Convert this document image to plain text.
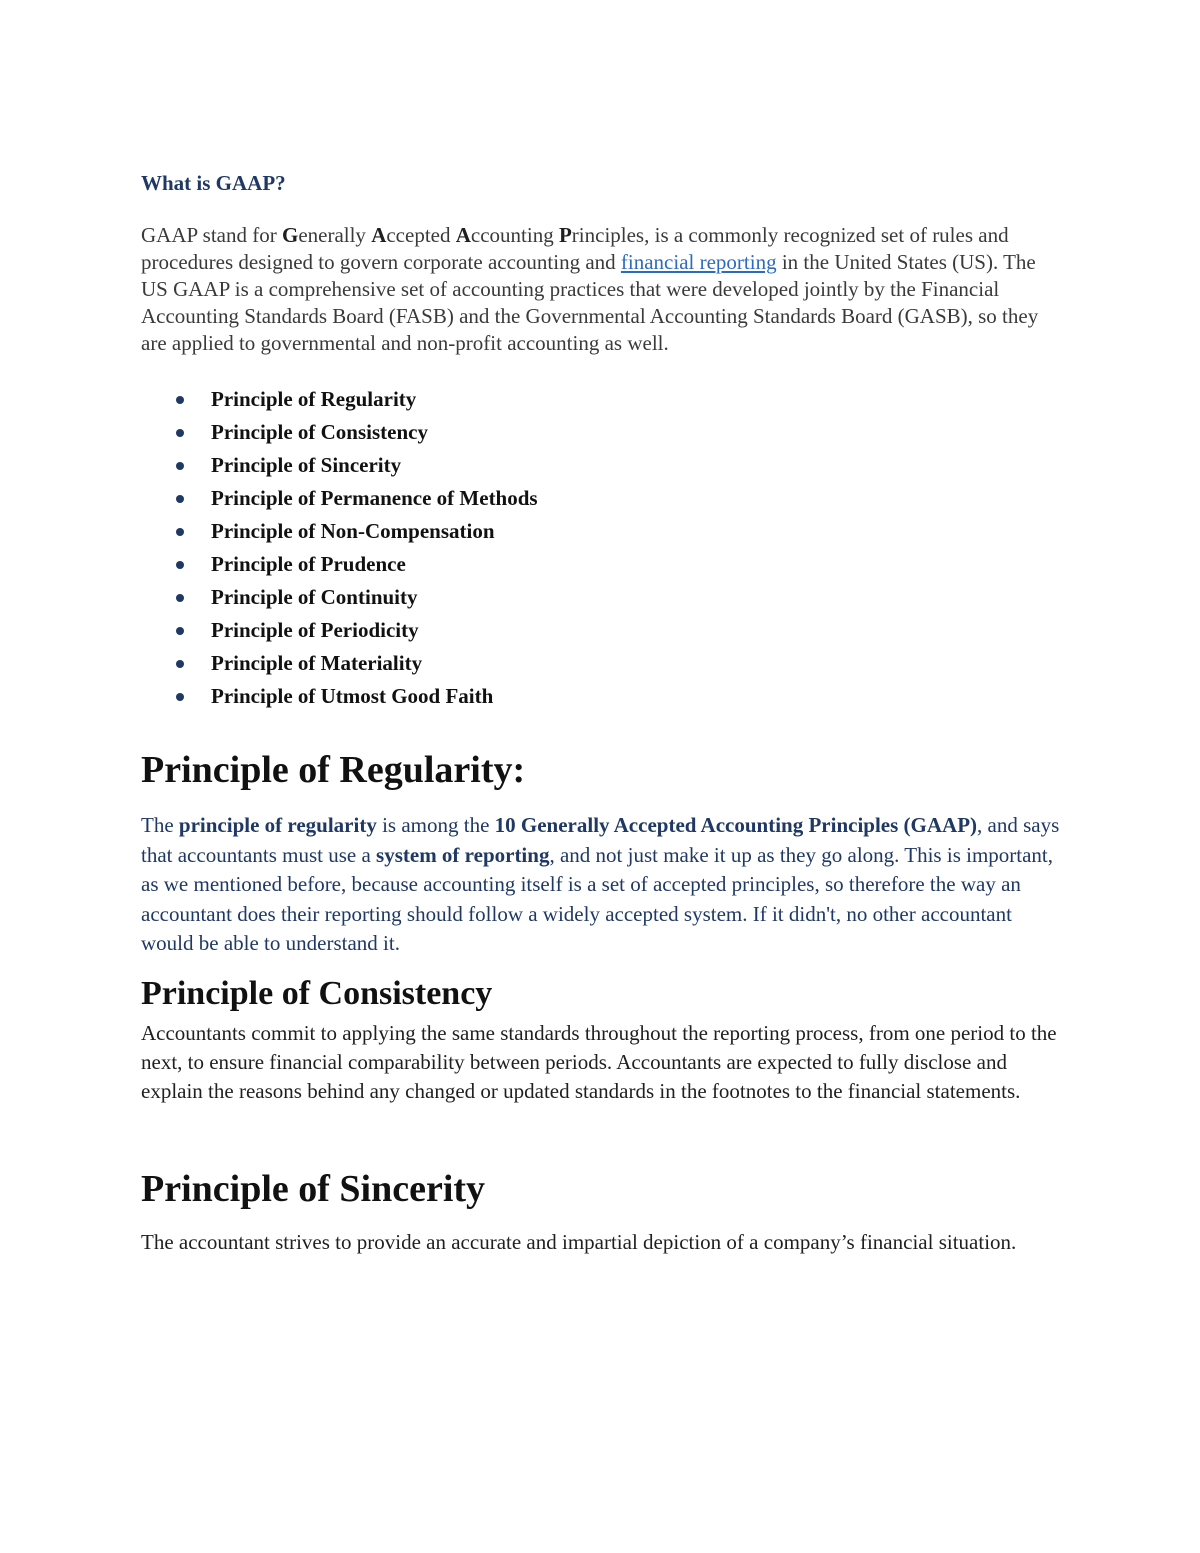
What is GAAP?

GAAP stand for Generally Accepted Accounting Principles, is a commonly recognized set of rules and procedures designed to govern corporate accounting and financial reporting in the United States (US). The US GAAP is a comprehensive set of accounting practices that were developed jointly by the Financial Accounting Standards Board (FASB) and the Governmental Accounting Standards Board (GASB), so they are applied to governmental and non-profit accounting as well.

Principle of Regularity
Principle of Consistency
Principle of Sincerity
Principle of Permanence of Methods
Principle of Non-Compensation
Principle of Prudence
Principle of Continuity
Principle of Periodicity
Principle of Materiality
Principle of Utmost Good Faith
Principle of Regularity:

The principle of regularity is among the 10 Generally Accepted Accounting Principles (GAAP), and says that accountants must use a system of reporting, and not just make it up as they go along. This is important, as we mentioned before, because accounting itself is a set of accepted principles, so therefore the way an accountant does their reporting should follow a widely accepted system. If it didn't, no other accountant would be able to understand it.

Principle of Consistency

Accountants commit to applying the same standards throughout the reporting process, from one period to the next, to ensure financial comparability between periods. Accountants are expected to fully disclose and explain the reasons behind any changed or updated standards in the footnotes to the financial statements.

Principle of Sincerity

The accountant strives to provide an accurate and impartial depiction of a company’s financial situation.
